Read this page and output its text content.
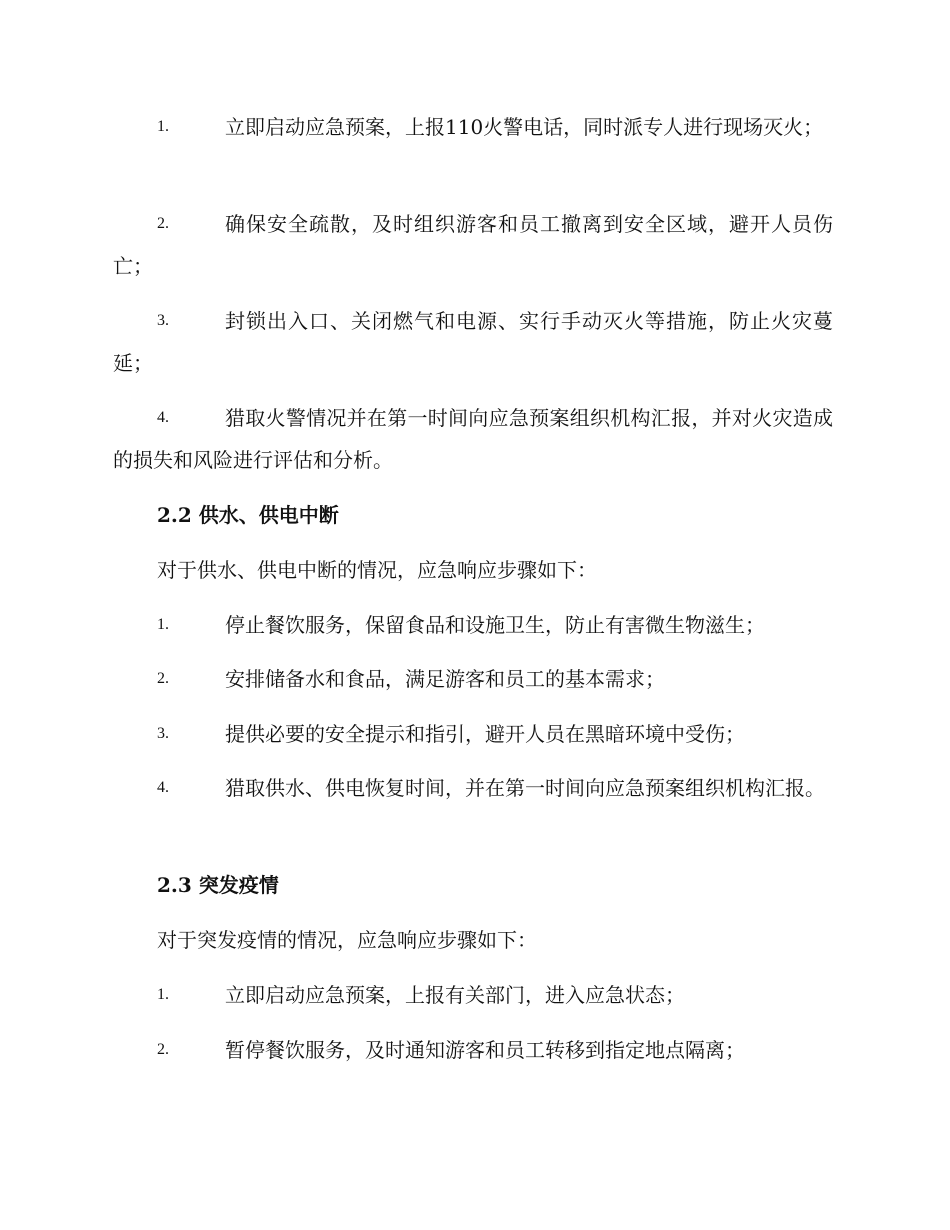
1.	立即启动应急预案，上报110火警电话，同时派专人进行现场灭火；
2.	确保安全疏散，及时组织游客和员工撤离到安全区域，避开人员伤亡；
3.	封锁出入口、关闭燃气和电源、实行手动灭火等措施，防止火灾蔓延；
4.	猎取火警情况并在第一时间向应急预案组织机构汇报，并对火灾造成的损失和风险进行评估和分析。
2.2 供水、供电中断
对于供水、供电中断的情况，应急响应步骤如下：
1.	停止餐饮服务，保留食品和设施卫生，防止有害微生物滋生；
2.	安排储备水和食品，满足游客和员工的基本需求；
3.	提供必要的安全提示和指引，避开人员在黑暗环境中受伤；
4.	猎取供水、供电恢复时间，并在第一时间向应急预案组织机构汇报。
2.3 突发疫情
对于突发疫情的情况，应急响应步骤如下：
1.	立即启动应急预案，上报有关部门，进入应急状态；
2.	暂停餐饮服务，及时通知游客和员工转移到指定地点隔离；
